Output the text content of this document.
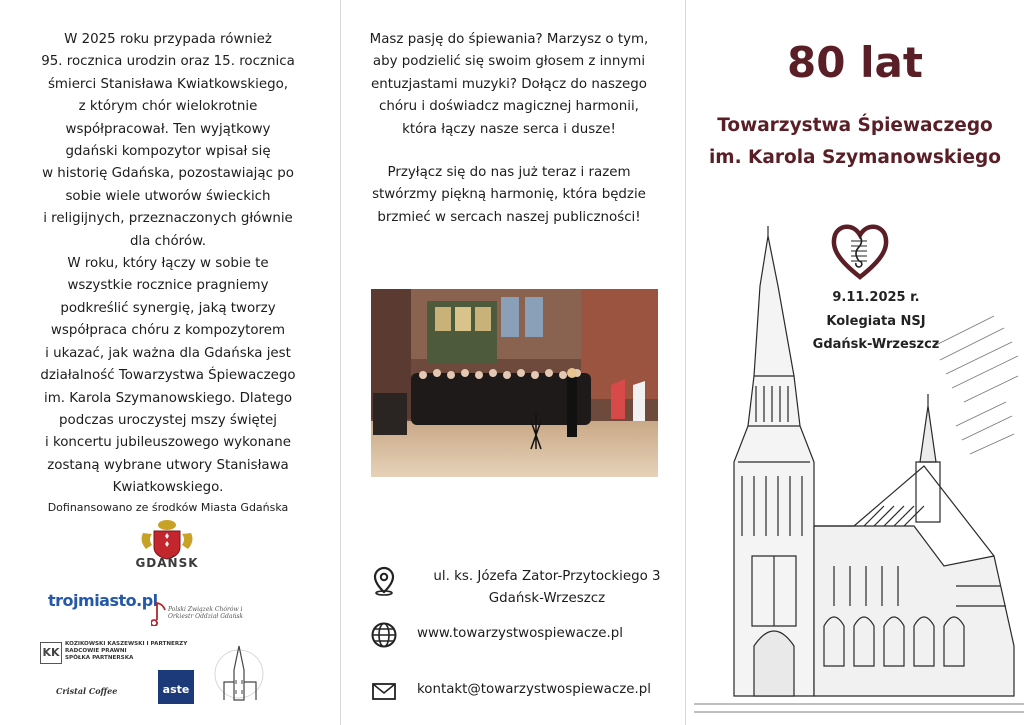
W 2025 roku przypada również

95. rocznica urodzin oraz 15. rocznica

śmierci Stanisława Kwiatkowskiego,

z którym chór wielokrotnie

współpracował. Ten wyjątkowy

gdański kompozytor wpisał się

w historię Gdańska, pozostawiając po

sobie wiele utworów świeckich

i religijnych, przeznaczonych głównie

dla chórów.

W roku, który łączy w sobie te

wszystkie rocznice pragniemy

podkreślić synergię, jaką tworzy

współpraca chóru z kompozytorem

i ukazać, jak ważna dla Gdańska jest

działalność Towarzystwa Śpiewaczego

im. Karola Szymanowskiego. Dlatego

podczas uroczystej mszy świętej

i koncertu jubileuszowego wykonane

zostaną wybrane utwory Stanisława

Kwiatkowskiego.

Dofinansowano ze środków Miasta Gdańska
GDAŃSK
trojmiasto.pl Polski Związek Chórów i Orkiestr Oddział Gdańsk
KK
KOZIKOWSKI KASZEWSKI I PARTNERZY
RADCOWIE PRAWNI
SPÓŁKA PARTNERSKA
Cristal Coffee	aste

Masz pasję do śpiewania? Marzysz o tym,

aby podzielić się swoim głosem z innymi

entuzjastami muzyki? Dołącz do naszego

chóru i doświadcz magicznej harmonii,

która łączy nasze serca i dusze!

Przyłącz się do nas już teraz i razem

stwórzmy piękną harmonię, która będzie

brzmieć w sercach naszej publiczności!

ul. ks. Józefa Zator-Przytockiego 3
Gdańsk-Wrzeszcz
www.towarzystwospiewacze.pl
kontakt@towarzystwospiewacze.pl
80 lat
Towarzystwa Śpiewaczego
im. Karola Szymanowskiego
9.11.2025 r.
Kolegiata NSJ
Gdańsk-Wrzeszcz
